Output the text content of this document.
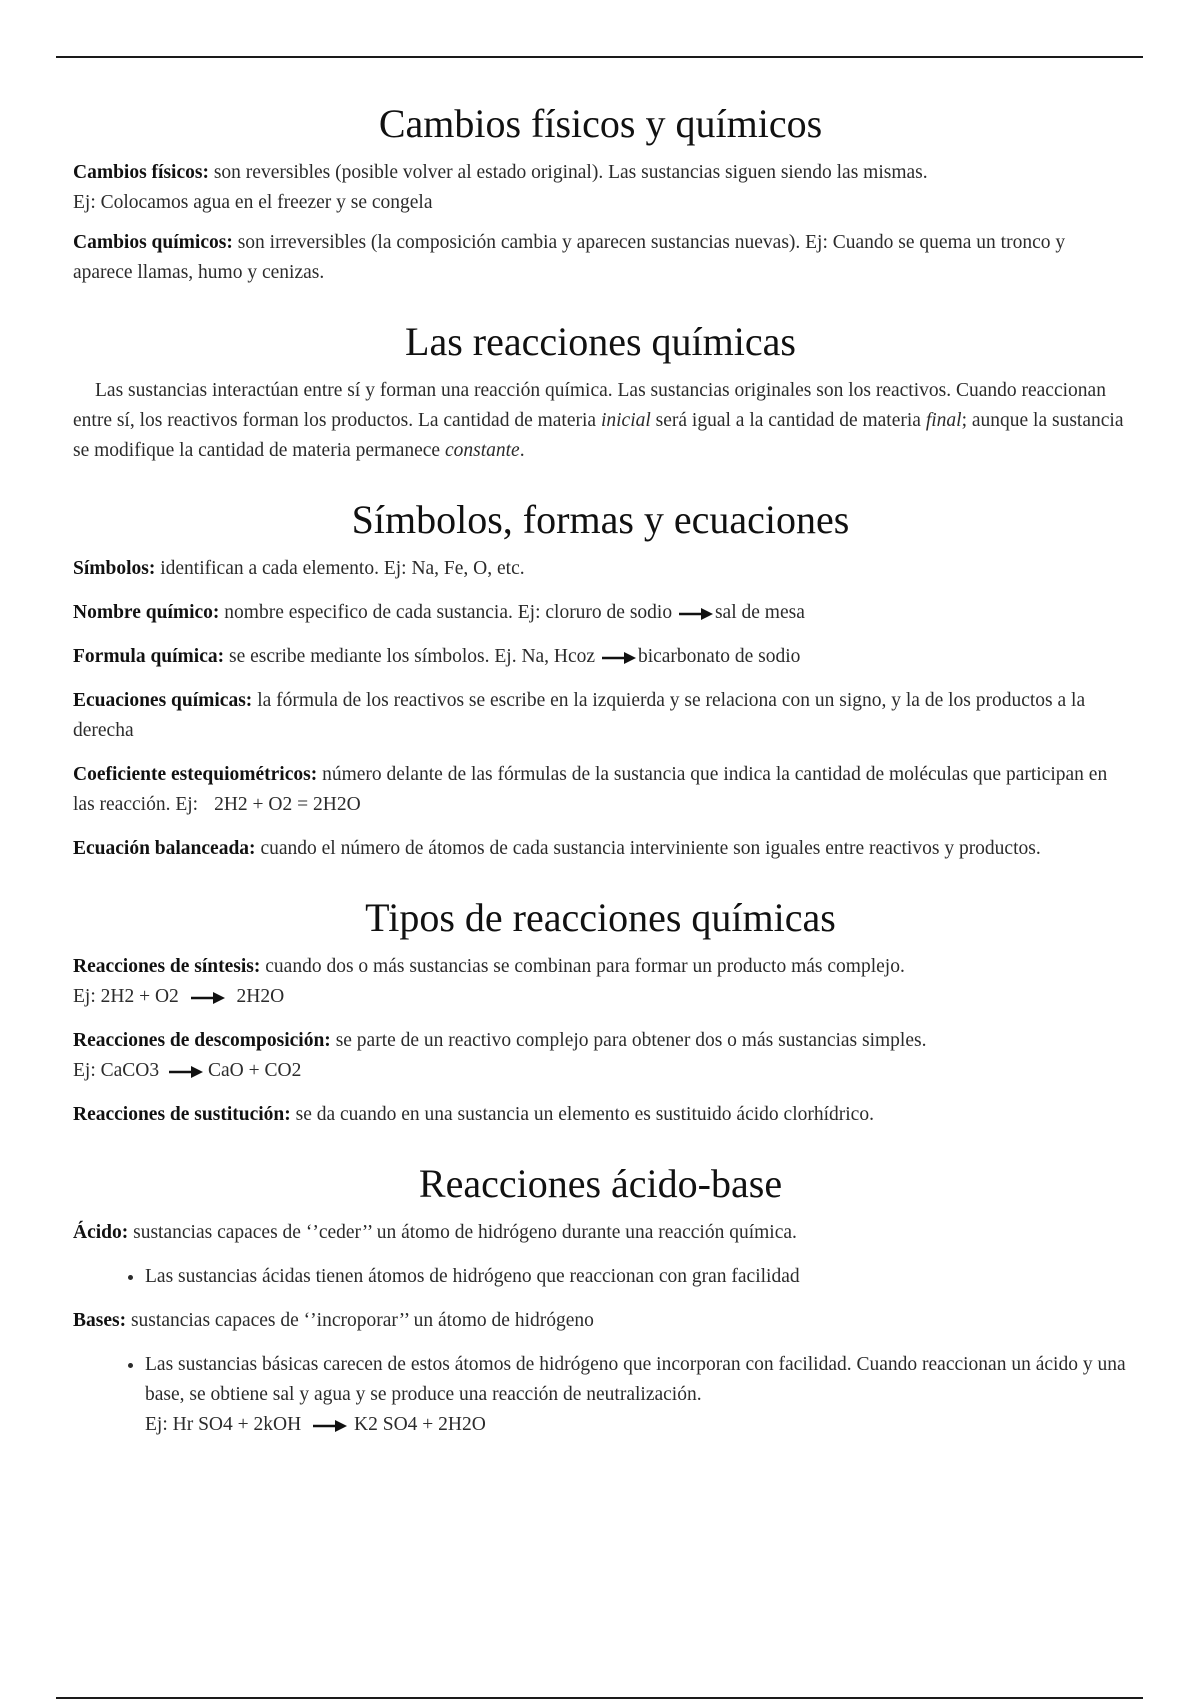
Cambios físicos y químicos

Cambios físicos: son reversibles (posible volver al estado original). Las sustancias siguen siendo las mismas.
Ej: Colocamos agua en el freezer y se congela

Cambios químicos: son irreversibles (la composición cambia y aparecen sustancias nuevas). Ej: Cuando se quema un tronco y aparece llamas, humo y cenizas.

Las reacciones químicas

Las sustancias interactúan entre sí y forman una reacción química. Las sustancias originales son los reactivos. Cuando reaccionan entre sí, los reactivos forman los productos. La cantidad de materia inicial será igual a la cantidad de materia final; aunque la sustancia se modifique la cantidad de materia permanece constante.

Símbolos, formas y ecuaciones

Símbolos: identifican a cada elemento. Ej: Na, Fe, O, etc.

Nombre químico: nombre especifico de cada sustancia. Ej: cloruro de sodio sal de mesa

Formula química: se escribe mediante los símbolos. Ej. Na, Hcoz bicarbonato de sodio

Ecuaciones químicas: la fórmula de los reactivos se escribe en la izquierda y se relaciona con un signo, y la de los productos a la derecha

Coeficiente estequiométricos: número delante de las fórmulas de la sustancia que indica la cantidad de moléculas que participan en las reacción. Ej: 2H2 + O2 = 2H2O

Ecuación balanceada: cuando el número de átomos de cada sustancia interviniente son iguales entre reactivos y productos.

Tipos de reacciones químicas

Reacciones de síntesis: cuando dos o más sustancias se combinan para formar un producto más complejo.
Ej: 2H2 + O2	2H2O

Reacciones de descomposición: se parte de un reactivo complejo para obtener dos o más sustancias simples.
Ej: CaCO3	CaO + CO2

Reacciones de sustitución: se da cuando en una sustancia un elemento es sustituido ácido clorhídrico.

Reacciones ácido-base

Ácido: sustancias capaces de ‘’ceder’’ un átomo de hidrógeno durante una reacción química.

• Las sustancias ácidas tienen átomos de hidrógeno que reaccionan con gran facilidad

Bases: sustancias capaces de ‘’incroporar’’ un átomo de hidrógeno

• Las sustancias básicas carecen de estos átomos de hidrógeno que incorporan con facilidad. Cuando reaccionan un ácido y una base, se obtiene sal y agua y se produce una reacción de neutralización.
Ej: Hr SO4 + 2kOH	K2 SO4 + 2H2O
